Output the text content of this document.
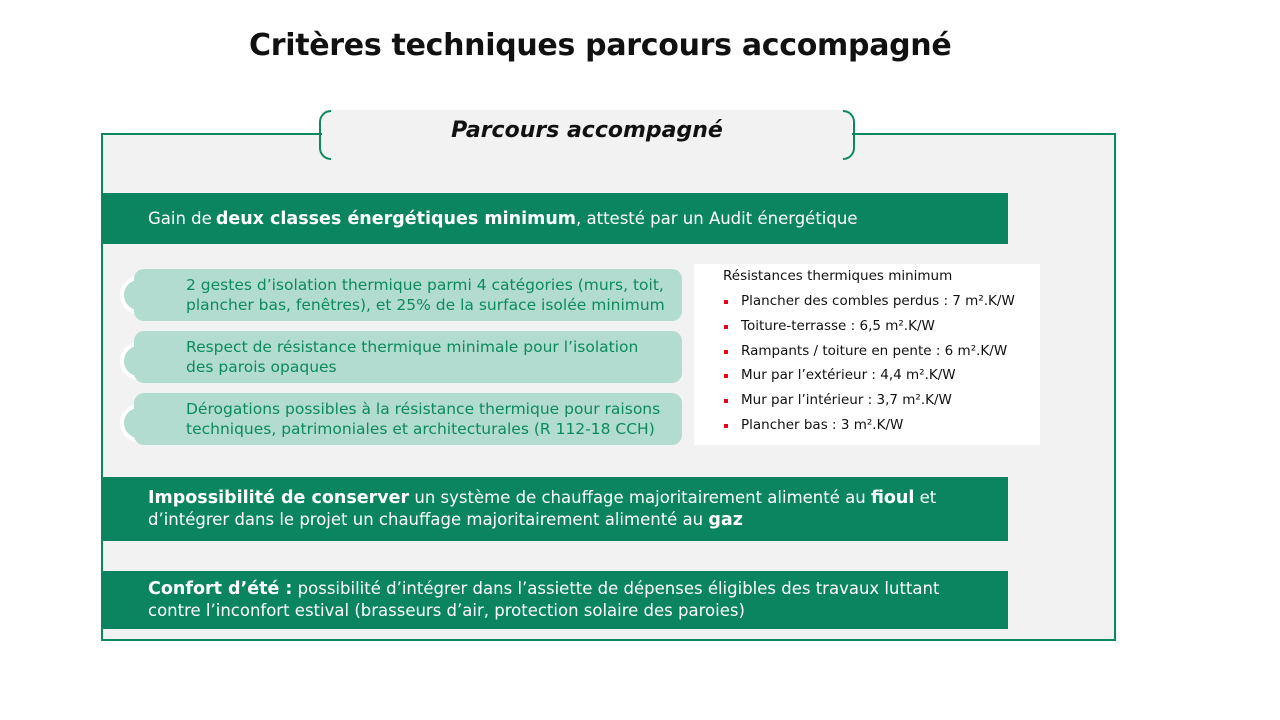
Critères techniques parcours accompagné
Parcours accompagné
Gain de deux classes énergétiques minimum, attesté par un Audit énergétique
2 gestes d’isolation thermique parmi 4 catégories (murs, toit, plancher bas, fenêtres), et 25% de la surface isolée minimum
Respect de résistance thermique minimale pour l’isolation des parois opaques
Dérogations possibles à la résistance thermique pour raisons techniques, patrimoniales et architecturales (R 112-18 CCH)
Résistances thermiques minimum
Plancher des combles perdus : 7 m².K/W
Toiture-terrasse : 6,5 m².K/W
Rampants / toiture en pente : 6 m².K/W
Mur par l’extérieur : 4,4 m².K/W
Mur par l’intérieur : 3,7 m².K/W
Plancher bas : 3 m².K/W
Impossibilité de conserver un système de chauffage majoritairement alimenté au fioul et d’intégrer dans le projet un chauffage majoritairement alimenté au gaz
Confort d’été : possibilité d’intégrer dans l’assiette de dépenses éligibles des travaux luttant contre l’inconfort estival (brasseurs d’air, protection solaire des paroies)
